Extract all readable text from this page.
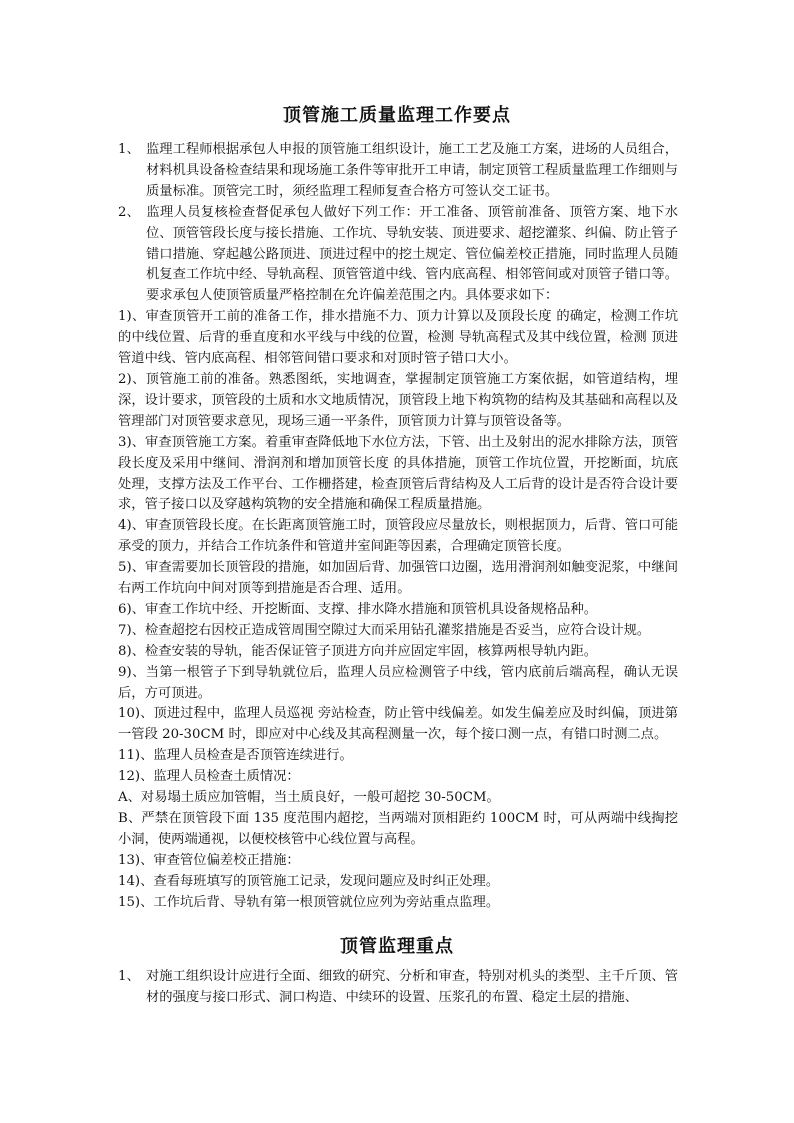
顶管施工质量监理工作要点

1、 监理工程师根据承包人申报的顶管施工组织设计，施工工艺及施工方案，进场的人员组合，材料机具设备检查结果和现场施工条件等审批开工申请，制定顶管工程质量监理工作细则与质量标准。顶管完工时，须经监理工程师复查合格方可签认交工证书。

2、 监理人员复核检查督促承包人做好下列工作：开工准备、顶管前准备、顶管方案、地下水位、顶管管段长度与接长措施、工作坑、导轨安装、顶进要求、超挖灌浆、纠偏、防止管子错口措施、穿起越公路顶进、顶进过程中的挖土规定、管位偏差校正措施，同时监理人员随机复查工作坑中经、导轨高程、顶管管道中线、管内底高程、相邻管间或对顶管子错口等。要求承包人使顶管质量严格控制在允许偏差范围之内。具体要求如下：

1)、审查顶管开工前的准备工作，排水措施不力、顶力计算以及顶段长度 的确定，检测工作坑的中线位置、后背的垂直度和水平线与中线的位置，检测 导轨高程式及其中线位置，检测 顶进管道中线、管内底高程、相邻管间错口要求和对顶时管子错口大小。

2)、顶管施工前的准备。熟悉图纸，实地调查，掌握制定顶管施工方案依据，如管道结构，埋深，设计要求，顶管段的土质和水文地质情况，顶管段上地下构筑物的结构及其基础和高程以及管理部门对顶管要求意见，现场三通一平条件，顶管顶力计算与顶管设备等。

3)、审查顶管施工方案。着重审查降低地下水位方法，下管、出土及射出的泥水排除方法，顶管段长度及采用中继间、滑润剂和增加顶管长度 的具体措施，顶管工作坑位置，开挖断面，坑底处理，支撑方法及工作平台、工作栅搭建，检查顶管后背结构及人工后背的设计是否符合设计要求，管子接口以及穿越构筑物的安全措施和确保工程质量措施。

4)、审查顶管段长度。在长距离顶管施工时，顶管段应尽量放长，则根据顶力，后背、管口可能承受的顶力，并结合工作坑条件和管道井室间距等因素，合理确定顶管长度。

5)、审查需要加长顶管段的措施，如加固后背、加强管口边圈，选用滑润剂如触变泥浆，中继间右两工作坑向中间对顶等到措施是否合理、适用。

6)、审查工作坑中经、开挖断面、支撑、排水降水措施和顶管机具设备规格品种。

7)、检查超挖右因校正造成管周围空隙过大而采用钻孔灌浆措施是否妥当，应符合设计规。

8)、检查安装的导轨，能否保证管子顶进方向并应固定牢固，核算两根导轨内距。

9)、当第一根管子下到导轨就位后，监理人员应检测管子中线，管内底前后端高程，确认无误后，方可顶进。

10)、顶进过程中，监理人员巡视 旁站检查，防止管中线偏差。如发生偏差应及时纠偏，顶进第一管段 20-30CM 时，即应对中心线及其高程测量一次，每个接口测一点，有错口时测二点。

11)、监理人员检查是否顶管连续进行。

12)、监理人员检查土质情况：

A、对易塌土质应加管帽，当土质良好，一般可超挖 30-50CM。

B、严禁在顶管段下面 135 度范围内超挖，当两端对顶相距约 100CM 时，可从两端中线掏挖小洞，使两端通视，以便校核管中心线位置与高程。

13)、审查管位偏差校正措施：

14)、查看每班填写的顶管施工记录，发现问题应及时纠正处理。

15)、工作坑后背、导轨有第一根顶管就位应列为旁站重点监理。

顶管监理重点

1、 对施工组织设计应进行全面、细致的研究、分析和审查，特别对机头的类型、主千斤顶、管材的强度与接口形式、洞口构造、中续环的设置、压浆孔的布置、稳定土层的措施、
